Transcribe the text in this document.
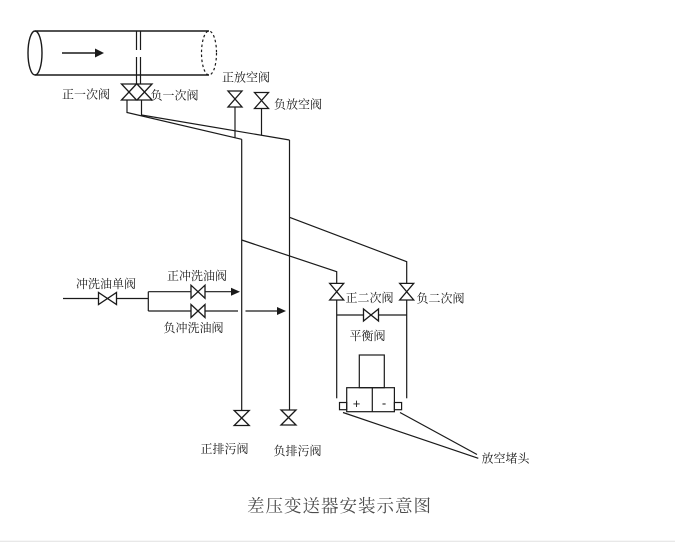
正一次阀	负一次阀
正放空阀
负放空阀
冲洗油单阀
正冲洗油阀
负冲洗油阀
正二次阀 负二次阀
平衡阀
正排污阀 负排污阀
+ -
放空堵头
差压变送器安装示意图
